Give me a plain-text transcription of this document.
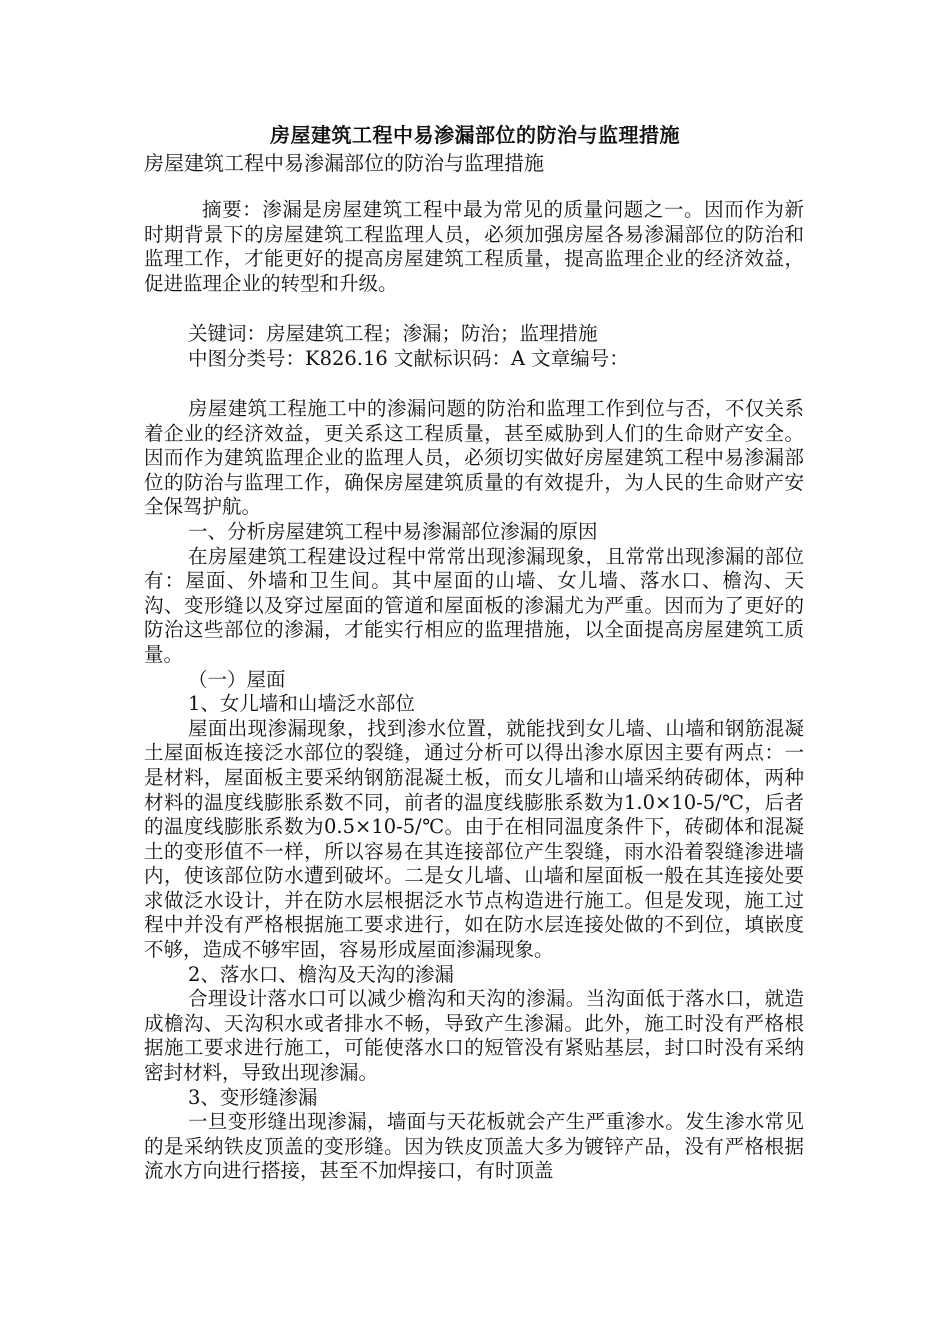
房屋建筑工程中易渗漏部位的防治与监理措施
房屋建筑工程中易渗漏部位的防治与监理措施

摘要：渗漏是房屋建筑工程中最为常见的质量问题之一。因而作为新时期背景下的房屋建筑工程监理人员，必须加强房屋各易渗漏部位的防治和监理工作，才能更好的提高房屋建筑工程质量，提高监理企业的经济效益，促进监理企业的转型和升级。

关键词：房屋建筑工程；渗漏；防治；监理措施

中图分类号：K826.16 文献标识码：A 文章编号：

房屋建筑工程施工中的渗漏问题的防治和监理工作到位与否，不仅关系着企业的经济效益，更关系这工程质量，甚至威胁到人们的生命财产安全。因而作为建筑监理企业的监理人员，必须切实做好房屋建筑工程中易渗漏部位的防治与监理工作，确保房屋建筑质量的有效提升，为人民的生命财产安全保驾护航。

一、分析房屋建筑工程中易渗漏部位渗漏的原因

在房屋建筑工程建设过程中常常出现渗漏现象，且常常出现渗漏的部位有：屋面、外墙和卫生间。其中屋面的山墙、女儿墙、落水口、檐沟、天沟、变形缝以及穿过屋面的管道和屋面板的渗漏尤为严重。因而为了更好的防治这些部位的渗漏，才能实行相应的监理措施，以全面提高房屋建筑工质量。

（一）屋面

1、女儿墙和山墙泛水部位

屋面出现渗漏现象，找到渗水位置，就能找到女儿墙、山墙和钢筋混凝土屋面板连接泛水部位的裂缝，通过分析可以得出渗水原因主要有两点：一是材料，屋面板主要采纳钢筋混凝土板，而女儿墙和山墙采纳砖砌体，两种材料的温度线膨胀系数不同，前者的温度线膨胀系数为1.0×10-5/℃，后者的温度线膨胀系数为0.5×10-5/℃。由于在相同温度条件下，砖砌体和混凝土的变形值不一样，所以容易在其连接部位产生裂缝，雨水沿着裂缝渗进墙内，使该部位防水遭到破坏。二是女儿墙、山墙和屋面板一般在其连接处要求做泛水设计，并在防水层根据泛水节点构造进行施工。但是发现，施工过程中并没有严格根据施工要求进行，如在防水层连接处做的不到位，填嵌度不够，造成不够牢固，容易形成屋面渗漏现象。

2、落水口、檐沟及天沟的渗漏

合理设计落水口可以减少檐沟和天沟的渗漏。当沟面低于落水口，就造成檐沟、天沟积水或者排水不畅，导致产生渗漏。此外，施工时没有严格根据施工要求进行施工，可能使落水口的短管没有紧贴基层，封口时没有采纳密封材料，导致出现渗漏。

3、变形缝渗漏

一旦变形缝出现渗漏，墙面与天花板就会产生严重渗水。发生渗水常见的是采纳铁皮顶盖的变形缝。因为铁皮顶盖大多为镀锌产品，没有严格根据流水方向进行搭接，甚至不加焊接口，有时顶盖
